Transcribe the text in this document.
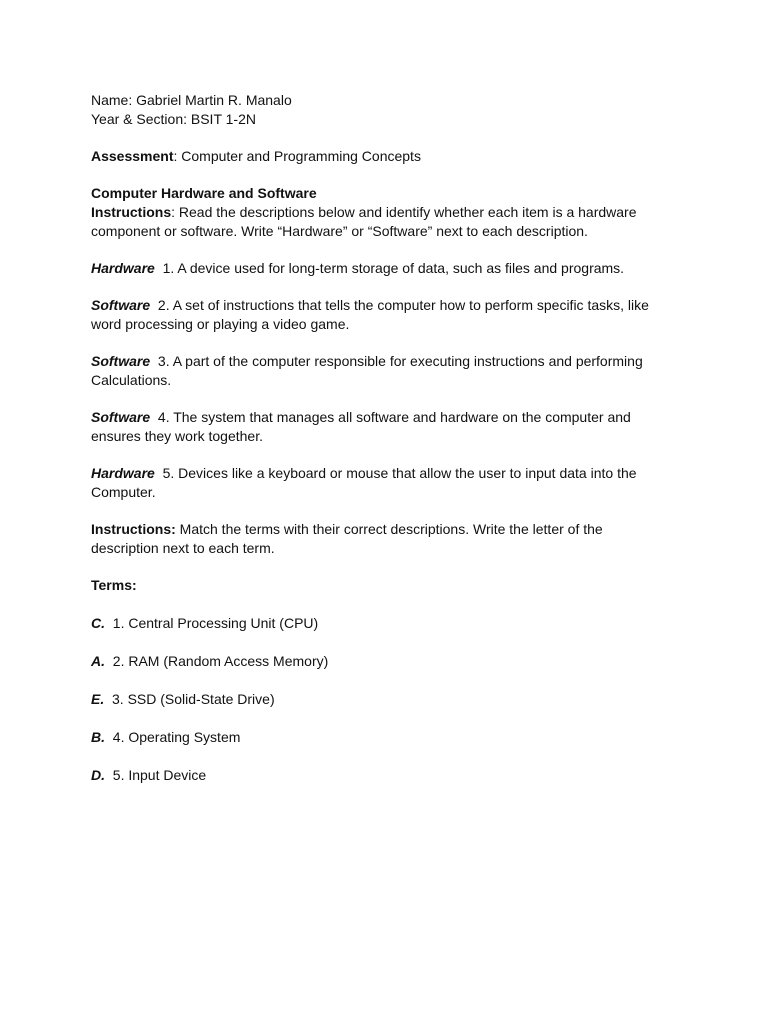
Name: Gabriel Martin R. Manalo

Year & Section: BSIT 1-2N

Assessment: Computer and Programming Concepts

Computer Hardware and Software

Instructions: Read the descriptions below and identify whether each item is a hardware component or software. Write “Hardware” or “Software” next to each description.

Hardware  1. A device used for long-term storage of data, such as files and programs.

Software  2. A set of instructions that tells the computer how to perform specific tasks, like word processing or playing a video game.

Software  3. A part of the computer responsible for executing instructions and performing Calculations.

Software  4. The system that manages all software and hardware on the computer and ensures they work together.

Hardware  5. Devices like a keyboard or mouse that allow the user to input data into the Computer.

Instructions: Match the terms with their correct descriptions. Write the letter of the description next to each term.

Terms:

C.  1. Central Processing Unit (CPU)

A.  2. RAM (Random Access Memory)

E.  3. SSD (Solid-State Drive)

B.  4. Operating System

D.  5. Input Device
